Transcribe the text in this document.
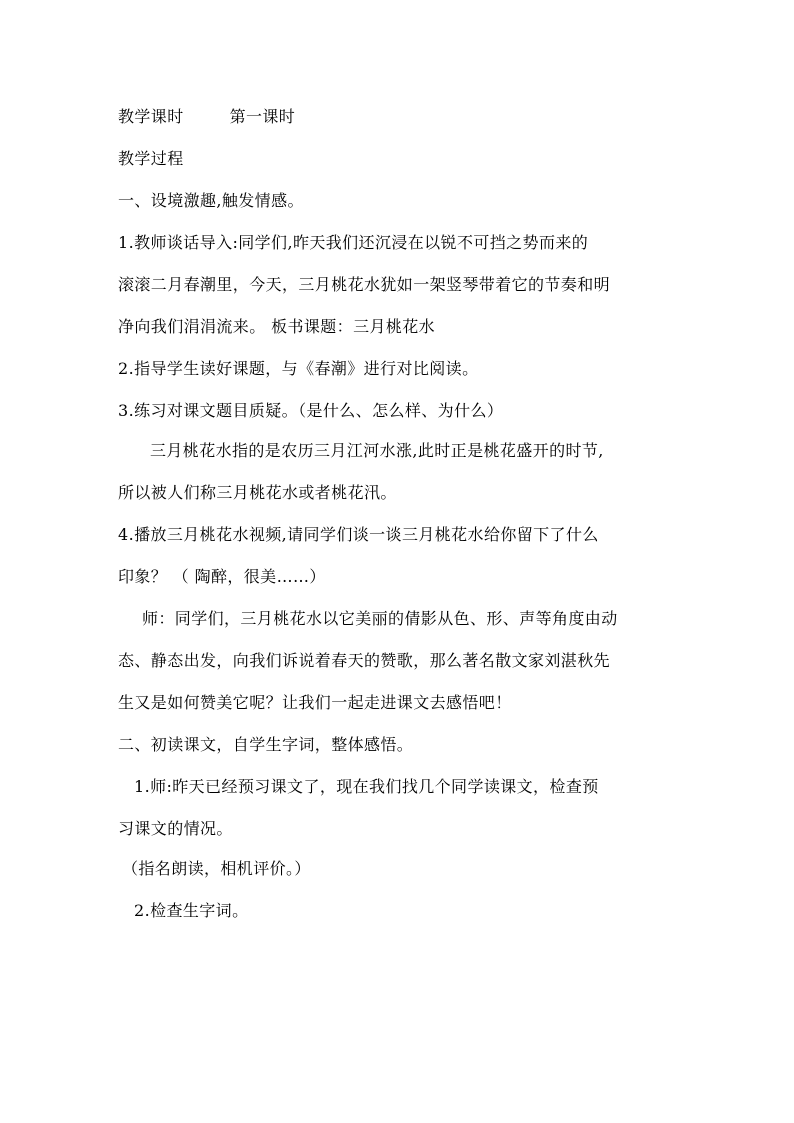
教学课时	第一课时
教学过程
一、设境激趣,触发情感。
1.教师谈话导入:同学们,昨天我们还沉浸在以锐不可挡之势而来的
滚滚二月春潮里，今天，三月桃花水犹如一架竖琴带着它的节奏和明
净向我们涓涓流来。 板书课题：三月桃花水
2.指导学生读好课题，与《春潮》进行对比阅读。
3.练习对课文题目质疑。（是什么、怎么样、为什么）
三月桃花水指的是农历三月江河水涨,此时正是桃花盛开的时节,
所以被人们称三月桃花水或者桃花汛。
4.播放三月桃花水视频,请同学们谈一谈三月桃花水给你留下了什么
印象？ （ 陶醉，很美……）
师：同学们，三月桃花水以它美丽的倩影从色、形、声等角度由动
态、静态出发，向我们诉说着春天的赞歌，那么著名散文家刘湛秋先
生又是如何赞美它呢？让我们一起走进课文去感悟吧！
二、初读课文，自学生字词，整体感悟。
1.师:昨天已经预习课文了，现在我们找几个同学读课文，检查预
习课文的情况。
（指名朗读，相机评价。）
2.检查生字词。
